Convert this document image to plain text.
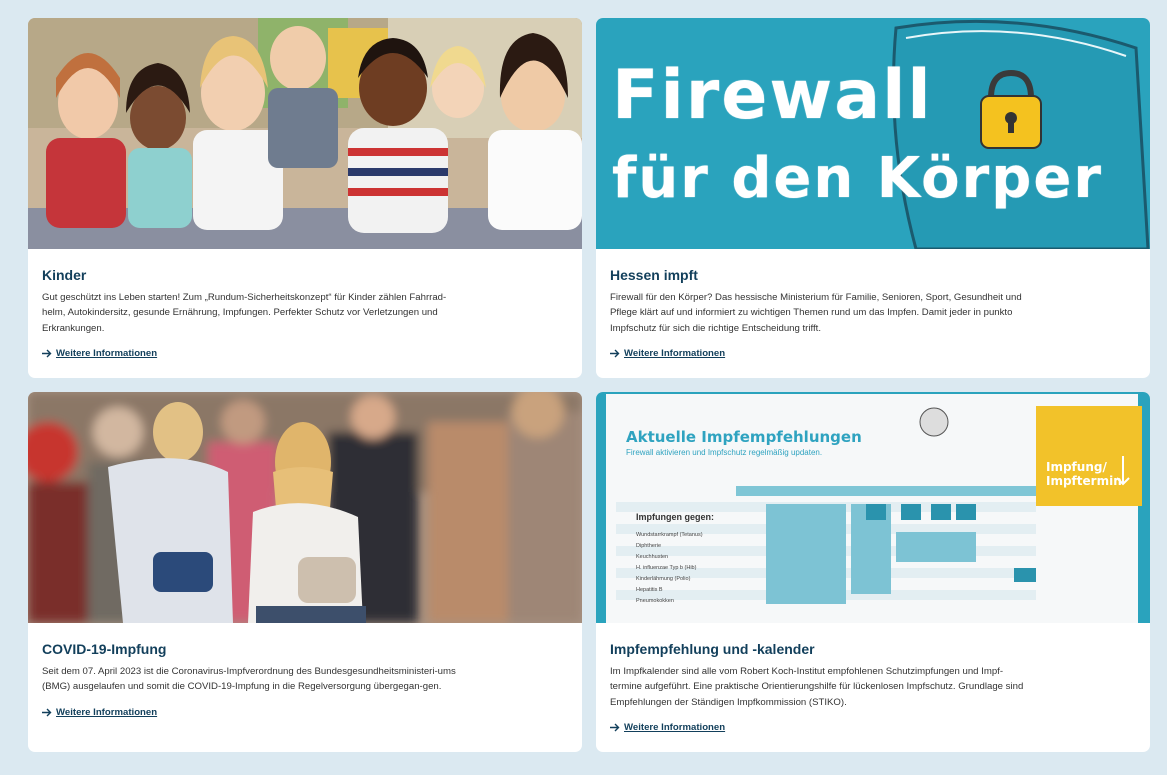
Kinder
Gut geschützt ins Leben starten! Zum „Rundum-Sicherheitskonzept“ für Kinder zählen Fahrrad-helm, Autokindersitz, gesunde Ernährung, Impfungen. Perfekter Schutz vor Verletzungen und Erkrankungen.
Weitere Informationen
Firewall
für den Körper
Hessen impft
Firewall für den Körper? Das hessische Ministerium für Familie, Senioren, Sport, Gesundheit und Pflege klärt auf und informiert zu wichtigen Themen rund um das Impfen. Damit jeder in punkto Impfschutz für sich die richtige Entscheidung trifft.
Weitere Informationen
COVID-19-Impfung
Seit dem 07. April 2023 ist die Coronavirus-Impfverordnung des Bundesgesundheitsministeri-ums (BMG) ausgelaufen und somit die COVID-19-Impfung in die Regelversorgung übergegan-gen.
Weitere Informationen
Aktuelle Impfempfehlungen
Firewall aktivieren und Impfschutz regelmäßig updaten.
Impfungen gegen:
Wundstarrkrampf (Tetanus)
Diphtherie
Keuchhusten
H. influenzae Typ b (Hib)
Kinderlähmung (Polio)
Hepatitis B
Pneumokokken
Impfung/
Impftermin
Impfempfehlung und -kalender
Im Impfkalender sind alle vom Robert Koch-Institut empfohlenen Schutzimpfungen und Impf-termine aufgeführt. Eine praktische Orientierungshilfe für lückenlosen Impfschutz. Grundlage sind Empfehlungen der Ständigen Impfkommission (STIKO).
Weitere Informationen
